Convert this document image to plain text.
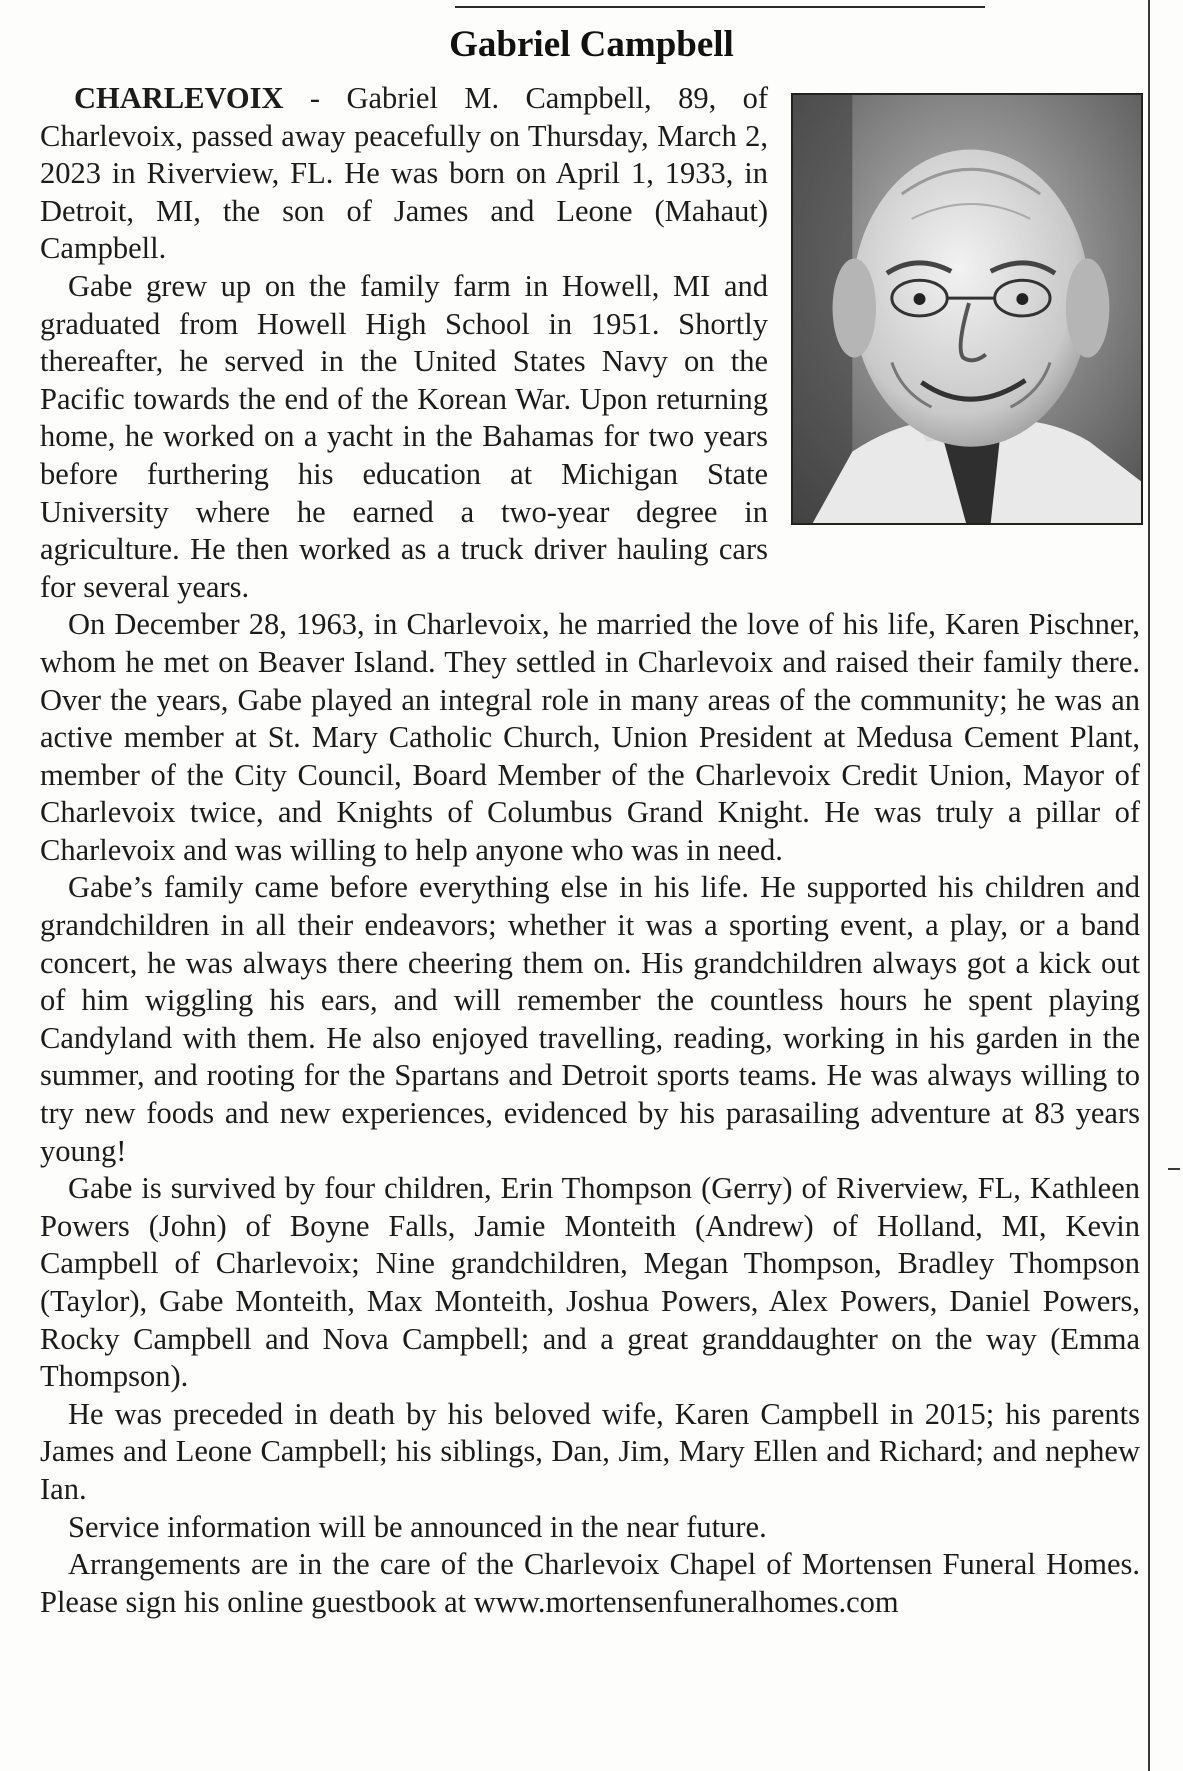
Gabriel Campbell

CHARLEVOIX - Gabriel M. Campbell, 89, of Charlevoix, passed away peacefully on Thursday, March 2, 2023 in Riverview, FL. He was born on April 1, 1933, in Detroit, MI, the son of James and Leone (Mahaut) Campbell.

Gabe grew up on the family farm in Howell, MI and graduated from Howell High School in 1951. Shortly thereafter, he served in the United States Navy on the Pacific towards the end of the Korean War. Upon returning home, he worked on a yacht in the Bahamas for two years before furthering his education at Michigan State University where he earned a two-year degree in agriculture. He then worked as a truck driver hauling cars for several years.

On December 28, 1963, in Charlevoix, he married the love of his life, Karen Pischner, whom he met on Beaver Island. They settled in Charlevoix and raised their family there. Over the years, Gabe played an integral role in many areas of the community; he was an active member at St. Mary Catholic Church, Union President at Medusa Cement Plant, member of the City Council, Board Member of the Charlevoix Credit Union, Mayor of Charlevoix twice, and Knights of Columbus Grand Knight. He was truly a pillar of Charlevoix and was willing to help anyone who was in need.

Gabe’s family came before everything else in his life. He supported his children and grandchildren in all their endeavors; whether it was a sporting event, a play, or a band concert, he was always there cheering them on. His grandchildren always got a kick out of him wiggling his ears, and will remember the countless hours he spent playing Candyland with them. He also enjoyed travelling, reading, working in his garden in the summer, and rooting for the Spartans and Detroit sports teams. He was always willing to try new foods and new experiences, evidenced by his parasailing adventure at 83 years young!

Gabe is survived by four children, Erin Thompson (Gerry) of Riverview, FL, Kathleen Powers (John) of Boyne Falls, Jamie Monteith (Andrew) of Holland, MI, Kevin Campbell of Charlevoix; Nine grandchildren, Megan Thompson, Bradley Thompson (Taylor), Gabe Monteith, Max Monteith, Joshua Powers, Alex Powers, Daniel Powers, Rocky Campbell and Nova Campbell; and a great granddaughter on the way (Emma Thompson).

He was preceded in death by his beloved wife, Karen Campbell in 2015; his parents James and Leone Campbell; his siblings, Dan, Jim, Mary Ellen and Richard; and nephew Ian.

Service information will be announced in the near future.

Arrangements are in the care of the Charlevoix Chapel of Mortensen Funeral Homes. Please sign his online guestbook at www.mortensenfuneralhomes.com
